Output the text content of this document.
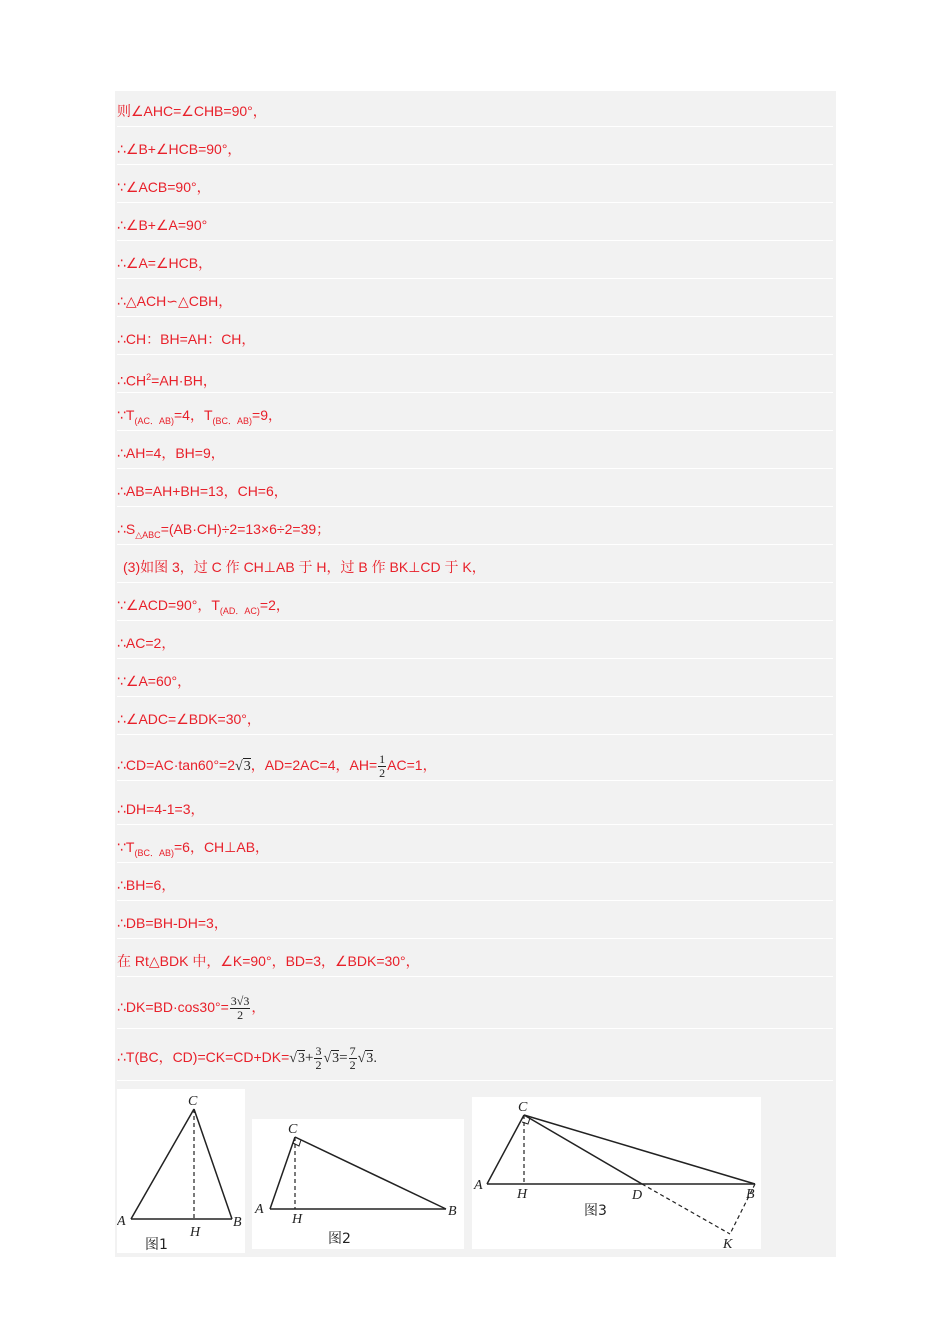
则∠AHC=∠CHB=90°，
∴∠B+∠HCB=90°，
∵∠ACB=90°，
∴∠B+∠A=90°
∴∠A=∠HCB，
∴△ACH∽△CBH，
∴CH：BH=AH：CH，
$\therefore CH^2=AH\cdot BH$，
$\because T_{(AC.AB)}=4$，$T_{(BC.AB)}=9$，
∴AH=4，BH=9，
∴AB=AH+BH=13，CH=6，
$\therefore S_{\triangle ABC}=(AB\cdot CH)\div 2=13\times 6\div 2=39$；
(3)如图 3，过 C 作 CH⊥AB 于 H，过 B 作 BK⊥CD 于 K，
∵∠ACD=90°，$T_{(AD.AC)}=2$，
∴AC=2，
∵∠A=60°，
∴∠ADC=∠BDK=30°，
∴CD=AC·tan60°=2√3，AD=2AC=4，$AH= \frac{1}{2} AC=1$，
∴DH=4-1=3，
$\because T_{(BC.AB)}=6$，CH⊥AB，
∴BH=6，
∴DB=BH-DH=3，
在 Rt△BDK 中，∠K=90°，BD=3，∠BDK=30°，
∴DK=BD·cos30°= $\frac{3√3}{2}$ ，
∴T(BC，$CD)=CK=CD+DK=√3+ \frac{3}{2} √3= \frac{7}{2} √3$.
C
A	B
H
图1
C
A	B
H
图2
C
A
B
H	D
K
图3
